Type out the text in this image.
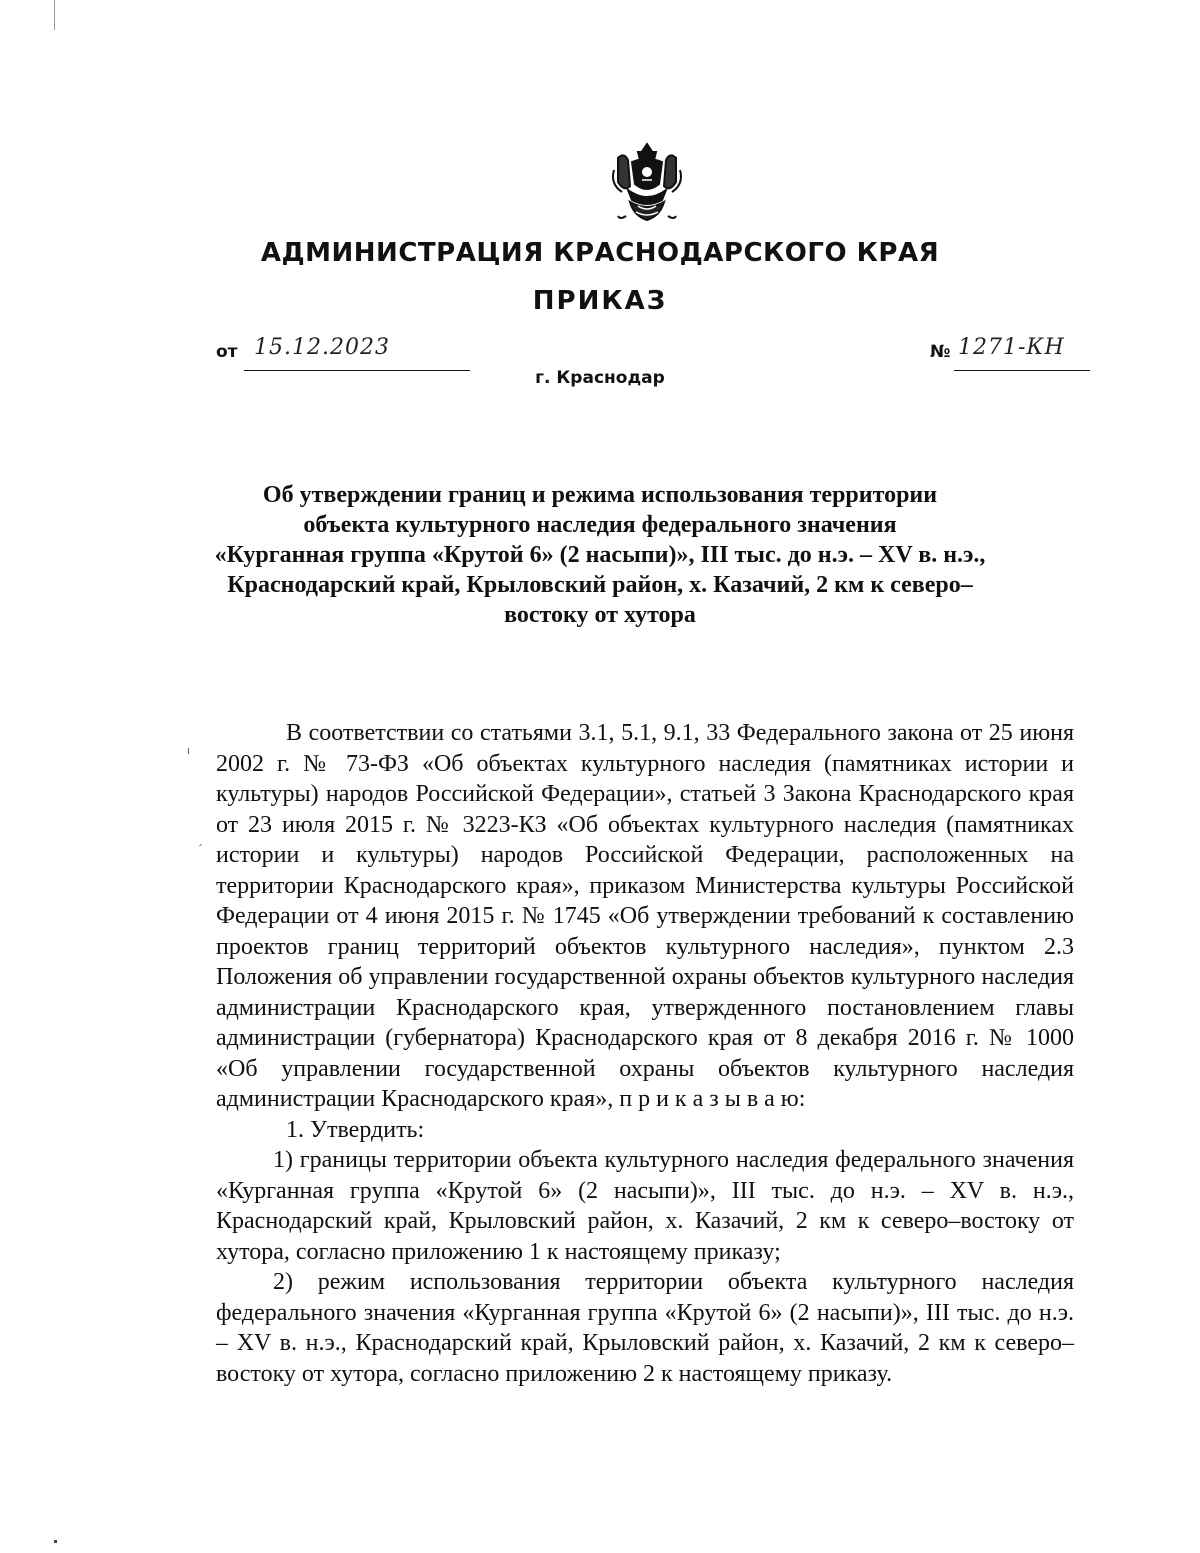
АДМИНИСТРАЦИЯ КРАСНОДАРСКОГО КРАЯ
ПРИКАЗ
от 15.12.2023	№ 1271-КН
г. Краснодар
Об утверждении границ и режима использования территории
объекта культурного наследия федерального значения
«Курганная группа «Крутой 6» (2 насыпи)», III тыс. до н.э. – XV в. н.э.,
Краснодарский край, Крыловский район, х. Казачий, 2 км к северо–
востоку от хутора
ˊ

В соответствии со статьями 3.1, 5.1, 9.1, 33 Федерального закона от 25 июня 2002 г. № 73-ФЗ «Об объектах культурного наследия (памятниках истории и культуры) народов Российской Федерации», статьей 3 Закона Краснодарского края от 23 июля 2015 г. № 3223-КЗ «Об объектах культурного наследия (памятниках истории и культуры) народов Российской Федерации, расположенных на территории Краснодарского края», приказом Министерства культуры Российской Федерации от 4 июня 2015 г. № 1745 «Об утверждении требований к составлению проектов границ территорий объектов культурного наследия», пунктом 2.3 Положения об управлении государственной охраны объектов культурного наследия администрации Краснодарского края, утвержденного постановлением главы администрации (губернатора) Краснодарского края от 8 декабря 2016 г. № 1000 «Об управлении государственной охраны объектов культурного наследия администрации Краснодарского края», п р и к а з ы в а ю:

1. Утвердить:

1) границы территории объекта культурного наследия федерального значения «Курганная группа «Крутой 6» (2 насыпи)», III тыс. до н.э. – XV в. н.э., Краснодарский край, Крыловский район, х. Казачий, 2 км к северо–востоку от хутора, согласно приложению 1 к настоящему приказу;

2) режим использования территории объекта культурного наследия федерального значения «Курганная группа «Крутой 6» (2 насыпи)», III тыс. до н.э. – XV в. н.э., Краснодарский край, Крыловский район, х. Казачий, 2 км к северо–востоку от хутора, согласно приложению 2 к настоящему приказу.
